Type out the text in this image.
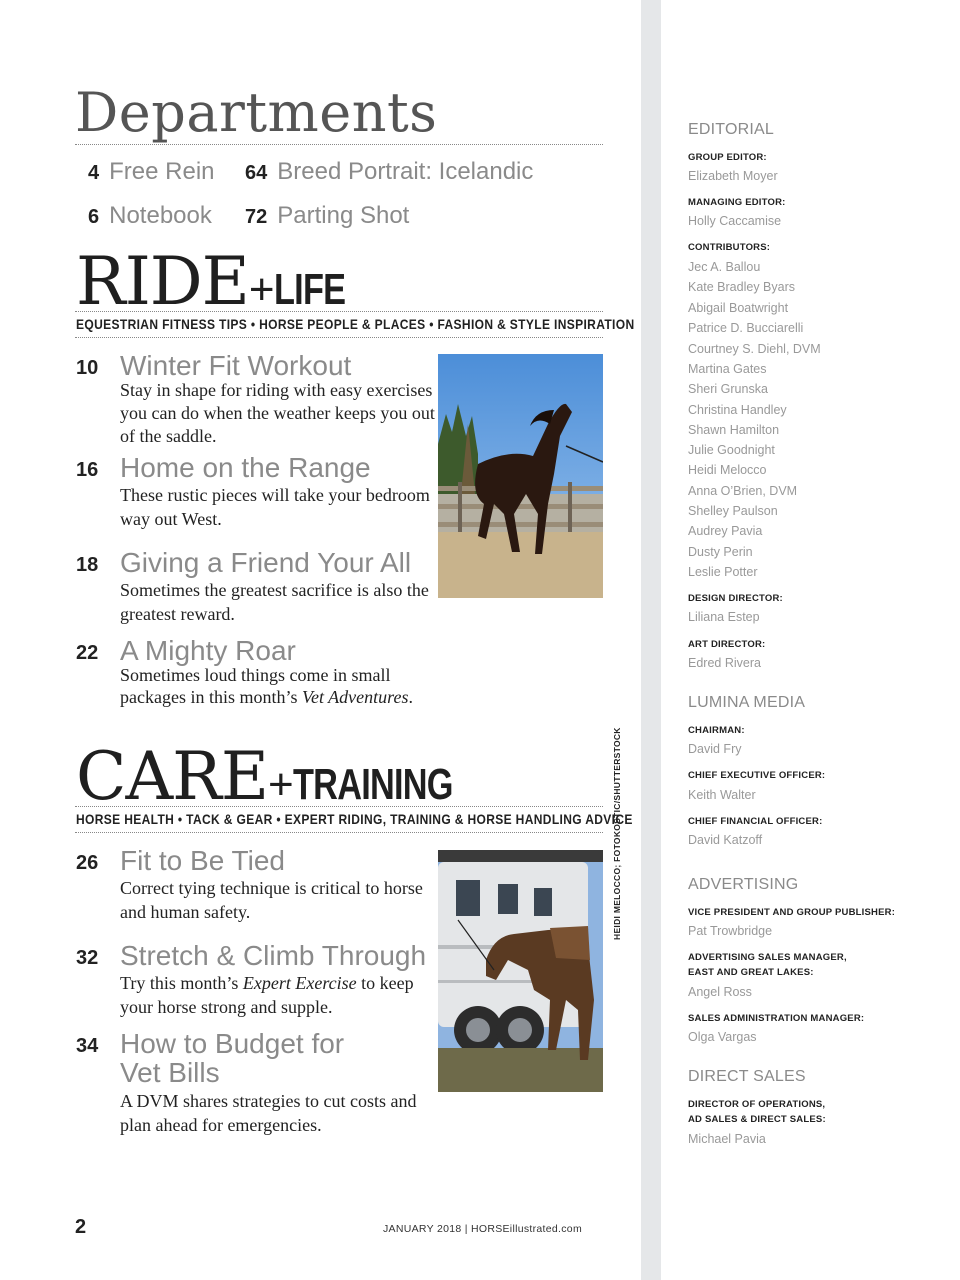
Departments
4 Free Rein 64 Breed Portrait: Icelandic
6 Notebook 72 Parting Shot
RIDE+LIFE
EQUESTRIAN FITNESS TIPS • HORSE PEOPLE & PLACES • FASHION & STYLE INSPIRATION
10 Winter Fit Workout
Stay in shape for riding with easy exercises you can do when the weather keeps you out of the saddle.
16 Home on the Range
These rustic pieces will take your bedroom way out West.
18 Giving a Friend Your All
Sometimes the greatest sacrifice is also the greatest reward.
22 A Mighty Roar
Sometimes loud things come in small packages in this month’s Vet Adventures.
CARE+TRAINING
HORSE HEALTH • TACK & GEAR • EXPERT RIDING, TRAINING & HORSE HANDLING ADVICE
26 Fit to Be Tied
Correct tying technique is critical to horse and human safety.
32 Stretch & Climb Through
Try this month’s Expert Exercise to keep your horse strong and supple.
34 How to Budget for
Vet Bills
A DVM shares strategies to cut costs and plan ahead for emergencies.
HEIDI MELOCCO; FOTOKOSTIC/SHUTTERSTOCK
2	JANUARY 2018 | HORSEillustrated.com
EDITORIAL
GROUP EDITOR:
Elizabeth Moyer
MANAGING EDITOR:
Holly Caccamise
CONTRIBUTORS:
Jec A. Ballou
Kate Bradley Byars
Abigail Boatwright
Patrice D. Bucciarelli
Courtney S. Diehl, DVM
Martina Gates
Sheri Grunska
Christina Handley
Shawn Hamilton
Julie Goodnight
Heidi Melocco
Anna O’Brien, DVM
Shelley Paulson
Audrey Pavia
Dusty Perin
Leslie Potter
DESIGN DIRECTOR:
Liliana Estep
ART DIRECTOR:
Edred Rivera
LUMINA MEDIA
CHAIRMAN:
David Fry
CHIEF EXECUTIVE OFFICER:
Keith Walter
CHIEF FINANCIAL OFFICER:
David Katzoff
ADVERTISING
VICE PRESIDENT AND GROUP PUBLISHER:
Pat Trowbridge
ADVERTISING SALES MANAGER,
EAST AND GREAT LAKES:
Angel Ross
SALES ADMINISTRATION MANAGER:
Olga Vargas
DIRECT SALES
DIRECTOR OF OPERATIONS,
AD SALES & DIRECT SALES:
Michael Pavia
